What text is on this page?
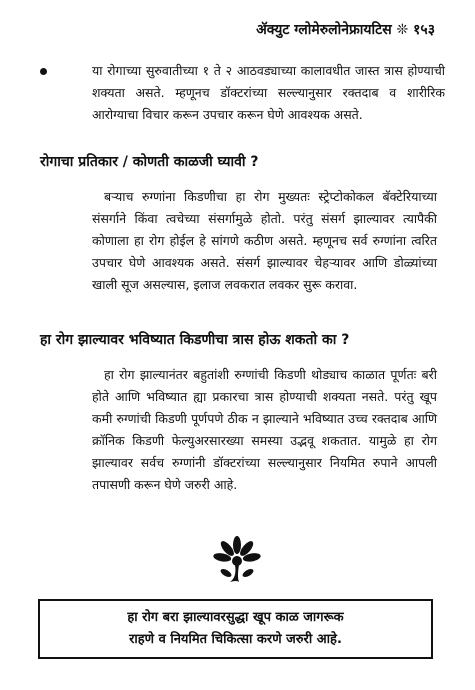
ॲक्युट ग्लोमेरुलोनेफ्रायटिस ❊ १५३
या रोगाच्या सुरुवातीच्या १ ते २ आठवड्याच्या कालावधीत जास्त त्रास होण्याची शक्यता असते. म्हणूनच डॉक्टरांच्या सल्ल्यानुसार रक्तदाब व शारीरिक आरोग्याचा विचार करून उपचार करून घेणे आवश्यक असते.
रोगाचा प्रतिकार / कोणती काळजी घ्यावी ?
बऱ्याच रुग्णांना किडणीचा हा रोग मुख्यतः स्ट्रेप्टोकोकल बॅक्टेरियाच्या संसर्गाने किंवा त्वचेच्या संसर्गामुळे होतो. परंतु संसर्ग झाल्यावर त्यापैकी कोणाला हा रोग होईल हे सांगणे कठीण असते. म्हणूनच सर्व रुग्णांना त्वरित उपचार घेणे आवश्यक असते. संसर्ग झाल्यावर चेहऱ्यावर आणि डोळ्यांच्या खाली सूज असल्यास, इलाज लवकरात लवकर सुरू करावा.
हा रोग झाल्यावर भविष्यात किडणीचा त्रास होऊ शकतो का ?
हा रोग झाल्यानंतर बहुतांशी रुग्णांची किडणी थोड्याच काळात पूर्णतः बरी होते आणि भविष्यात ह्या प्रकारचा त्रास होण्याची शक्यता नसते. परंतु खूप कमी रुग्णांची किडणी पूर्णपणे ठीक न झाल्याने भविष्यात उच्च रक्तदाब आणि क्रॉनिक किडणी फेल्युअरसारख्या समस्या उद्भवू शकतात. यामुळे हा रोग झाल्यावर सर्वच रुग्णांनी डॉक्टरांच्या सल्ल्यानुसार नियमित रुपाने आपली तपासणी करून घेणे जरुरी आहे.
हा रोग बरा झाल्यावरसुद्धा खूप काळ जागरूक
राहणे व नियमित चिकित्सा करणे जरुरी आहे.
